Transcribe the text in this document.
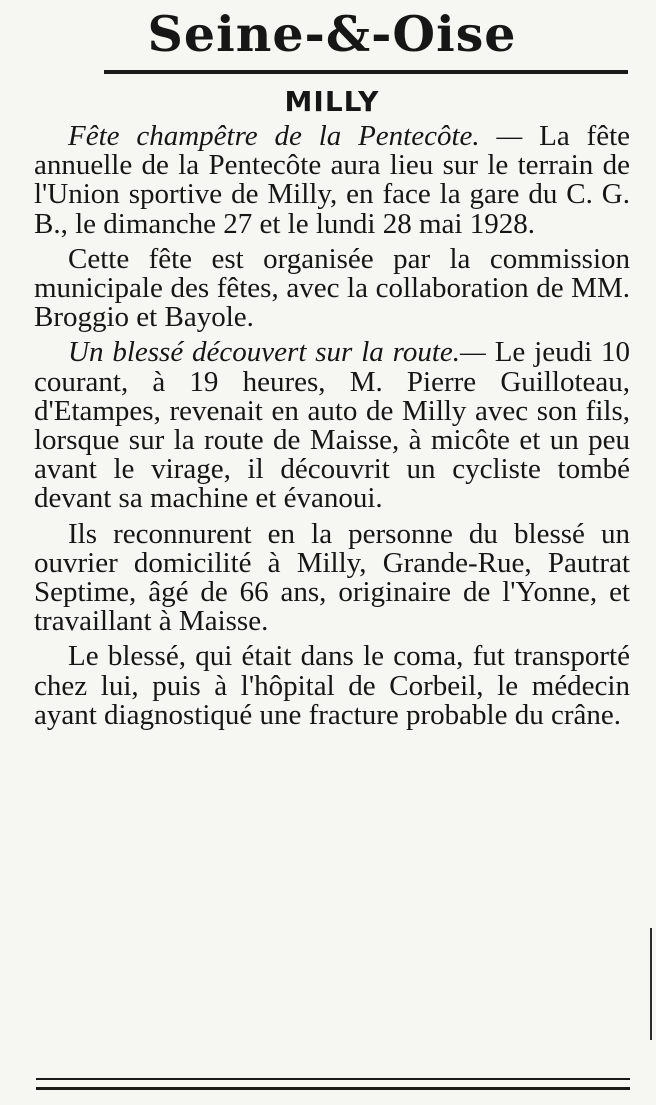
Seine-&-Oise
MILLY

Fête champêtre de la Pentecôte. — La fête annuelle de la Pentecôte aura lieu sur le terrain de l'Union sportive de Milly, en face la gare du C. G. B., le dimanche 27 et le lundi 28 mai 1928.

Cette fête est organisée par la commission municipale des fêtes, avec la collaboration de MM. Broggio et Bayole.

Un blessé découvert sur la route.— Le jeudi 10 courant, à 19 heures, M. Pierre Guilloteau, d'Etampes, revenait en auto de Milly avec son fils, lorsque sur la route de Maisse, à micôte et un peu avant le virage, il découvrit un cycliste tombé devant sa machine et évanoui.

Ils reconnurent en la personne du blessé un ouvrier domicilité à Milly, Grande-Rue, Pautrat Septime, âgé de 66 ans, originaire de l'Yonne, et travaillant à Maisse.

Le blessé, qui était dans le coma, fut transporté chez lui, puis à l'hôpital de Corbeil, le médecin ayant diagnostiqué une fracture probable du crâne.
